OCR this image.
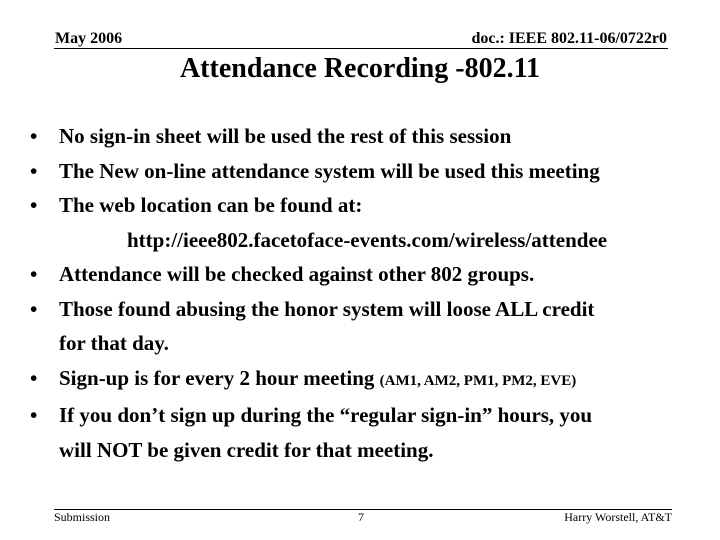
May 2006	doc.: IEEE 802.11-06/0722r0
Attendance Recording -802.11
•	No sign-in sheet will be used the rest of this session
•	The New on-line attendance system will be used this meeting
•	The web location can be found at:
http://ieee802.facetoface-events.com/wireless/attendee
•	Attendance will be checked against other 802 groups.
•	Those found abusing the honor system will loose ALL credit
for that day.
•	Sign-up is for every 2 hour meeting (AM1, AM2, PM1, PM2, EVE)
•	If you don’t sign up during the “regular sign-in” hours, you
will NOT be given credit for that meeting.
Submission	7	Harry Worstell, AT&T
